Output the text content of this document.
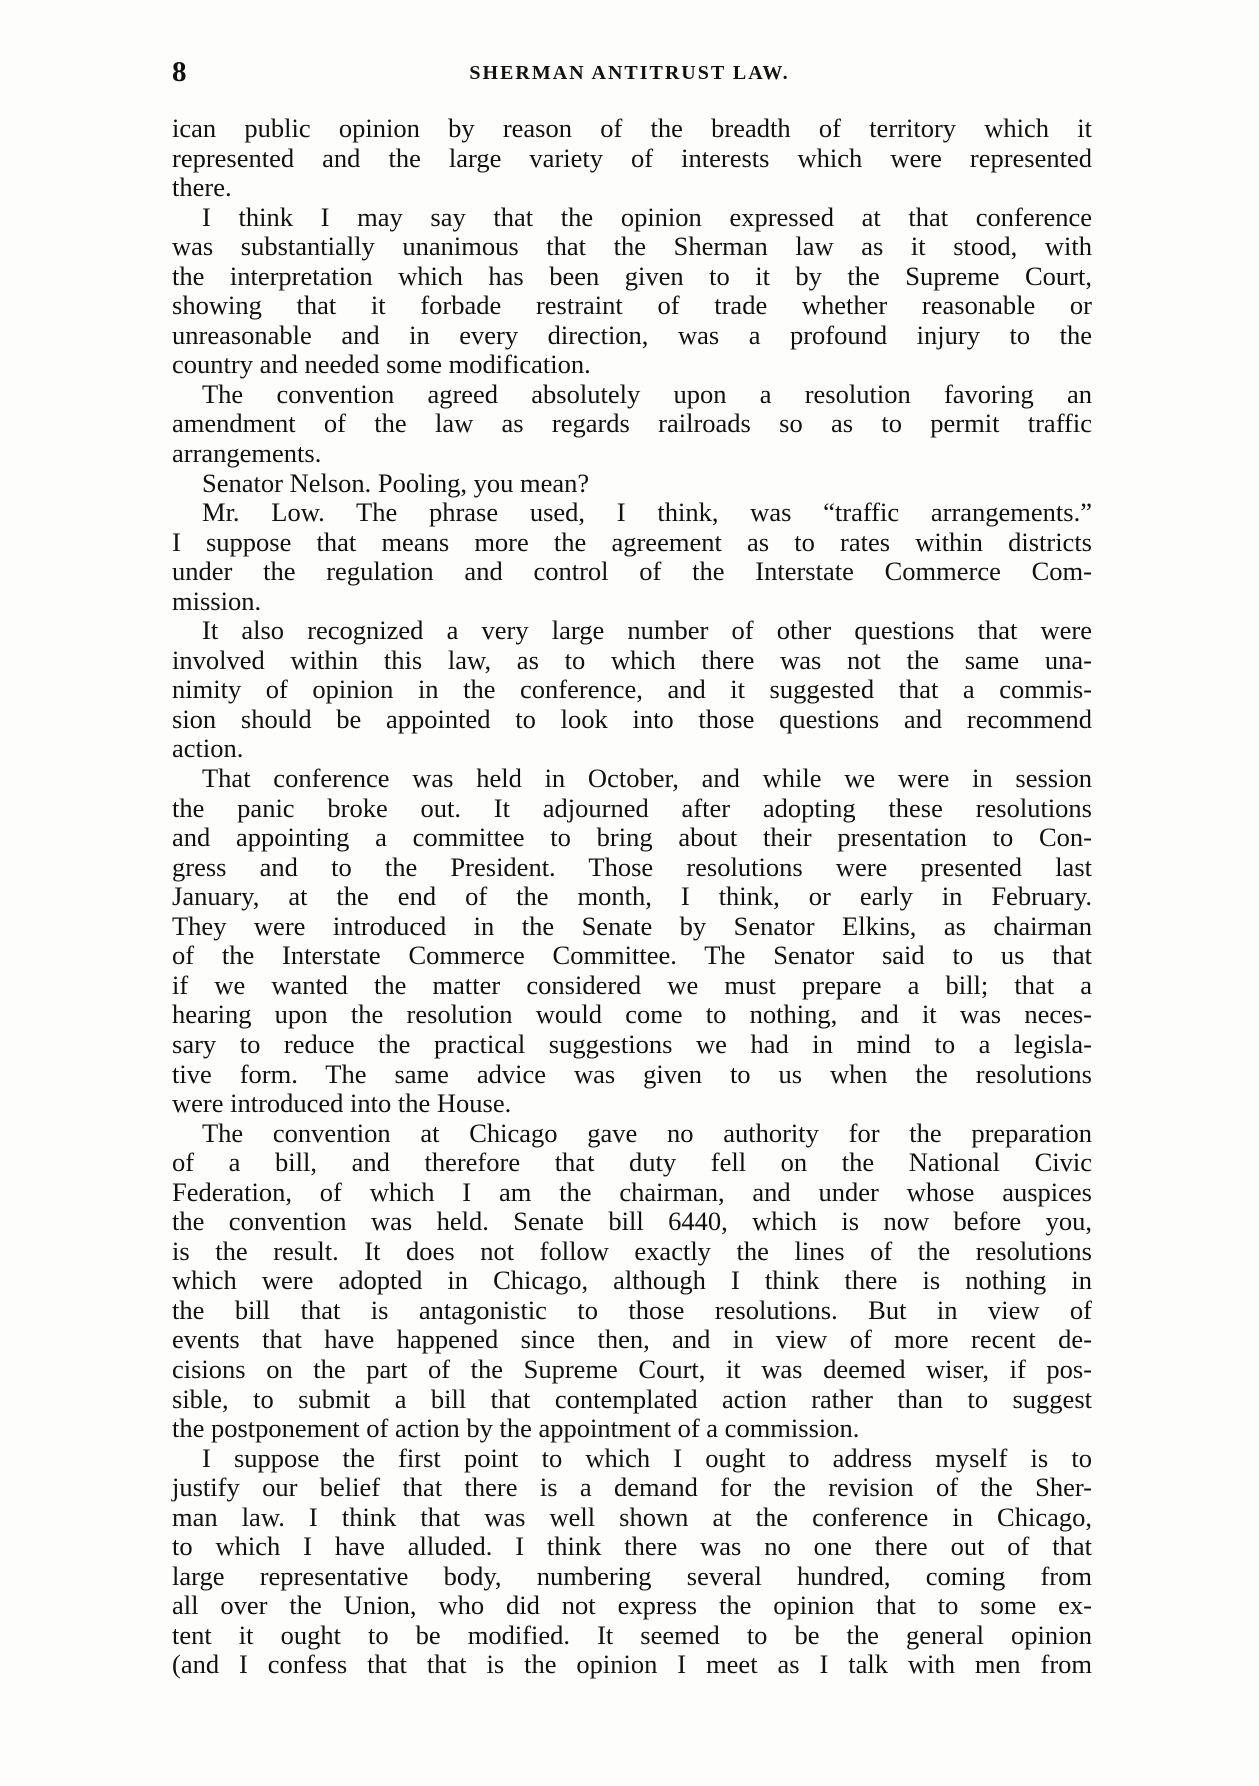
8	SHERMAN ANTITRUST LAW.
ican public opinion by reason of the breadth of territory which it
represented and the large variety of interests which were represented
there.
I think I may say that the opinion expressed at that conference
was substantially unanimous that the Sherman law as it stood, with
the interpretation which has been given to it by the Supreme Court,
showing that it forbade restraint of trade whether reasonable or
unreasonable and in every direction, was a profound injury to the
country and needed some modification.
The convention agreed absolutely upon a resolution favoring an
amendment of the law as regards railroads so as to permit traffic
arrangements.
Senator Nelson. Pooling, you mean?
Mr. Low. The phrase used, I think, was “traffic arrangements.”
I suppose that means more the agreement as to rates within districts
under the regulation and control of the Interstate Commerce Com-
mission.
It also recognized a very large number of other questions that were
involved within this law, as to which there was not the same una-
nimity of opinion in the conference, and it suggested that a commis-
sion should be appointed to look into those questions and recommend
action.
That conference was held in October, and while we were in session
the panic broke out. It adjourned after adopting these resolutions
and appointing a committee to bring about their presentation to Con-
gress and to the President. Those resolutions were presented last
January, at the end of the month, I think, or early in February.
They were introduced in the Senate by Senator Elkins, as chairman
of the Interstate Commerce Committee. The Senator said to us that
if we wanted the matter considered we must prepare a bill; that a
hearing upon the resolution would come to nothing, and it was neces-
sary to reduce the practical suggestions we had in mind to a legisla-
tive form. The same advice was given to us when the resolutions
were introduced into the House.
The convention at Chicago gave no authority for the preparation
of a bill, and therefore that duty fell on the National Civic
Federation, of which I am the chairman, and under whose auspices
the convention was held. Senate bill 6440, which is now before you,
is the result. It does not follow exactly the lines of the resolutions
which were adopted in Chicago, although I think there is nothing in
the bill that is antagonistic to those resolutions. But in view of
events that have happened since then, and in view of more recent de-
cisions on the part of the Supreme Court, it was deemed wiser, if pos-
sible, to submit a bill that contemplated action rather than to suggest
the postponement of action by the appointment of a commission.
I suppose the first point to which I ought to address myself is to
justify our belief that there is a demand for the revision of the Sher-
man law. I think that was well shown at the conference in Chicago,
to which I have alluded. I think there was no one there out of that
large representative body, numbering several hundred, coming from
all over the Union, who did not express the opinion that to some ex-
tent it ought to be modified. It seemed to be the general opinion
(and I confess that that is the opinion I meet as I talk with men from
